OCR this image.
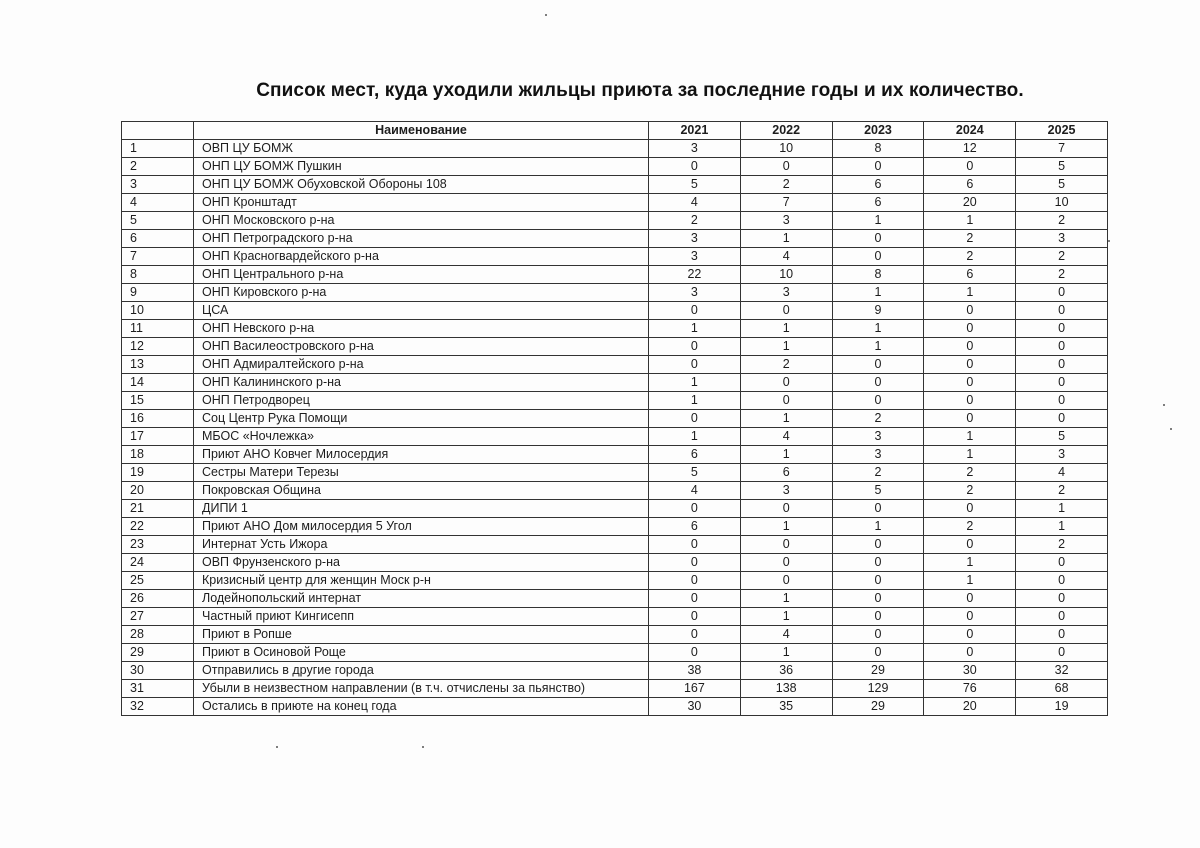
Список мест, куда уходили жильцы приюта за последние годы и их количество.
	Наименование	2021	2022	2023	2024	2025
1	ОВП ЦУ БОМЖ	3	10	8	12	7
2	ОНП ЦУ БОМЖ Пушкин	0	0	0	0	5
3	ОНП ЦУ БОМЖ Обуховской Обороны 108	5	2	6	6	5
4	ОНП Кронштадт	4	7	6	20	10
5	ОНП Московского р-на	2	3	1	1	2
6	ОНП Петроградского р-на	3	1	0	2	3
7	ОНП Красногвардейского р-на	3	4	0	2	2
8	ОНП Центрального р-на	22	10	8	6	2
9	ОНП Кировского р-на	3	3	1	1	0
10	ЦСА	0	0	9	0	0
11	ОНП Невского р-на	1	1	1	0	0
12	ОНП Василеостровского р-на	0	1	1	0	0
13	ОНП Адмиралтейского р-на	0	2	0	0	0
14	ОНП Калининского р-на	1	0	0	0	0
15	ОНП Петродворец	1	0	0	0	0
16	Соц Центр Рука Помощи	0	1	2	0	0
17	МБОС «Ночлежка»	1	4	3	1	5
18	Приют АНО Ковчег Милосердия	6	1	3	1	3
19	Сестры Матери Терезы	5	6	2	2	4
20	Покровская Община	4	3	5	2	2
21	ДИПИ 1	0	0	0	0	1
22	Приют АНО Дом милосердия 5 Угол	6	1	1	2	1
23	Интернат Усть Ижора	0	0	0	0	2
24	ОВП Фрунзенского р-на	0	0	0	1	0
25	Кризисный центр для женщин Моск р-н	0	0	0	1	0
26	Лодейнопольский интернат	0	1	0	0	0
27	Частный приют Кингисепп	0	1	0	0	0
28	Приют в Ропше	0	4	0	0	0
29	Приют в Осиновой Роще	0	1	0	0	0
30	Отправились в другие города	38	36	29	30	32
31	Убыли в неизвестном направлении (в т.ч. отчислены за пьянство)	167	138	129	76	68
32	Остались в приюте на конец года	30	35	29	20	19
